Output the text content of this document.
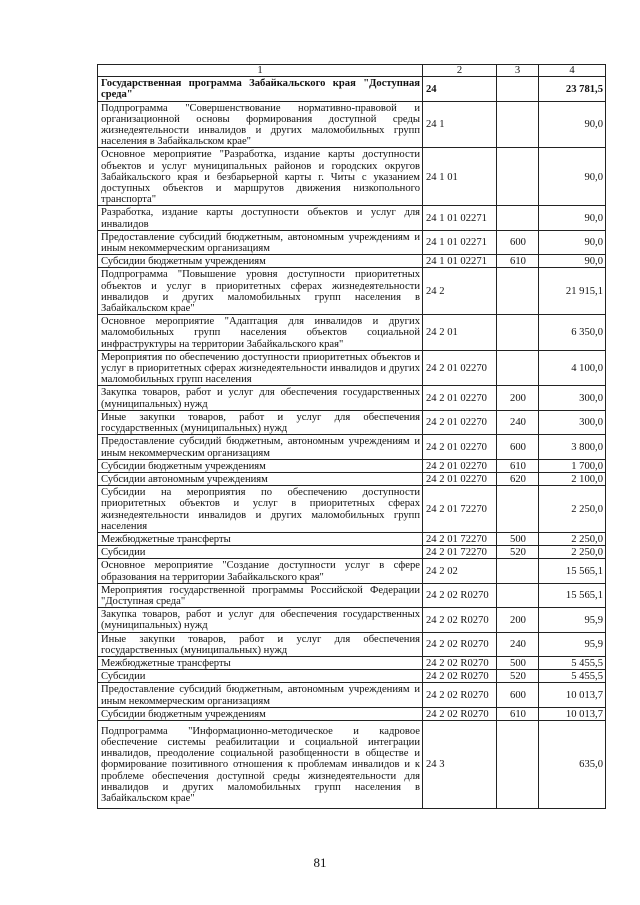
1	2	3	4
Государственная программа Забайкальского края "Доступная среда"	24		23 781,5
Подпрограмма "Совершенствование нормативно-правовой и организационной основы формирования доступной среды жизнедеятельности инвалидов и других маломобильных групп населения в Забайкальском крае"	24 1		90,0
Основное мероприятие "Разработка, издание карты доступности объектов и услуг муниципальных районов и городских округов Забайкальского края и безбарьерной карты г. Читы с указанием доступных объектов и маршрутов движения низкопольного транспорта"	24 1 01		90,0
Разработка, издание карты доступности объектов и услуг для инвалидов	24 1 01 02271		90,0
Предоставление субсидий бюджетным, автономным учреждениям и иным некоммерческим организациям	24 1 01 02271	600	90,0
Субсидии бюджетным учреждениям	24 1 01 02271	610	90,0
Подпрограмма "Повышение уровня доступности приоритетных объектов и услуг в приоритетных сферах жизнедеятельности инвалидов и других маломобильных групп населения в Забайкальском крае"	24 2		21 915,1
Основное мероприятие "Адаптация для инвалидов и других маломобильных групп населения объектов социальной инфраструктуры на территории Забайкальского края"	24 2 01		6 350,0
Мероприятия по обеспечению доступности приоритетных объектов и услуг в приоритетных сферах жизнедеятельности инвалидов и других маломобильных групп населения	24 2 01 02270		4 100,0
Закупка товаров, работ и услуг для обеспечения государственных (муниципальных) нужд	24 2 01 02270	200	300,0
Иные закупки товаров, работ и услуг для обеспечения государственных (муниципальных) нужд	24 2 01 02270	240	300,0
Предоставление субсидий бюджетным, автономным учреждениям и иным некоммерческим организациям	24 2 01 02270	600	3 800,0
Субсидии бюджетным учреждениям	24 2 01 02270	610	1 700,0
Субсидии автономным учреждениям	24 2 01 02270	620	2 100,0
Субсидии на мероприятия по обеспечению доступности приоритетных объектов и услуг в приоритетных сферах жизнедеятельности инвалидов и других маломобильных групп населения	24 2 01 72270		2 250,0
Межбюджетные трансферты	24 2 01 72270	500	2 250,0
Субсидии	24 2 01 72270	520	2 250,0
Основное мероприятие "Создание доступности услуг в сфере образования на территории Забайкальского края"	24 2 02		15 565,1
Мероприятия государственной программы Российской Федерации "Доступная среда"	24 2 02 R0270		15 565,1
Закупка товаров, работ и услуг для обеспечения государственных (муниципальных) нужд	24 2 02 R0270	200	95,9
Иные закупки товаров, работ и услуг для обеспечения государственных (муниципальных) нужд	24 2 02 R0270	240	95,9
Межбюджетные трансферты	24 2 02 R0270	500	5 455,5
Субсидии	24 2 02 R0270	520	5 455,5
Предоставление субсидий бюджетным, автономным учреждениям и иным некоммерческим организациям	24 2 02 R0270	600	10 013,7
Субсидии бюджетным учреждениям	24 2 02 R0270	610	10 013,7
Подпрограмма "Информационно-методическое и кадровое обеспечение системы реабилитации и социальной интеграции инвалидов, преодоление социальной разобщенности в обществе и формирование позитивного отношения к проблемам инвалидов и к проблеме обеспечения доступной среды жизнедеятельности для инвалидов и других маломобильных групп населения в Забайкальском крае"	24 3		635,0
81
